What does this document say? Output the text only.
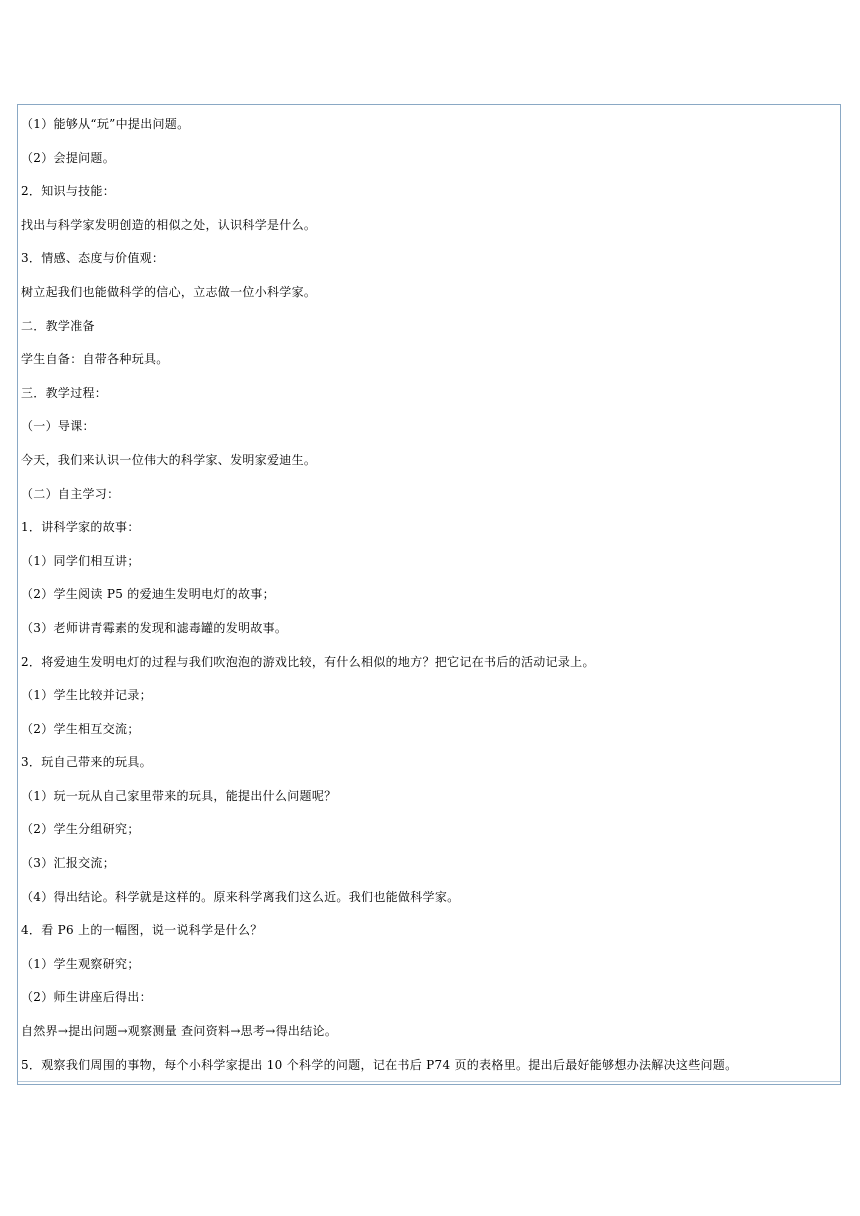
（1）能够从“玩”中提出问题。
（2）会提问题。
2．知识与技能：
找出与科学家发明创造的相似之处，认识科学是什么。
3．情感、态度与价值观：
树立起我们也能做科学的信心，立志做一位小科学家。
二．教学准备
学生自备：自带各种玩具。
三．教学过程：
（一）导课：
今天，我们来认识一位伟大的科学家、发明家爱迪生。
（二）自主学习：
1．讲科学家的故事：
（1）同学们相互讲；
（2）学生阅读 P5 的爱迪生发明电灯的故事；
（3）老师讲青霉素的发现和滤毒罐的发明故事。
2．将爱迪生发明电灯的过程与我们吹泡泡的游戏比较，有什么相似的地方？把它记在书后的活动记录上。
（1）学生比较并记录；
（2）学生相互交流；
3．玩自己带来的玩具。
（1）玩一玩从自己家里带来的玩具，能提出什么问题呢？
（2）学生分组研究；
（3）汇报交流；
（4）得出结论。科学就是这样的。原来科学离我们这么近。我们也能做科学家。
4．看 P6 上的一幅图，说一说科学是什么？
（1）学生观察研究；
（2）师生讲座后得出：
自然界→提出问题→观察测量 查问资料→思考→得出结论。
5．观察我们周围的事物，每个小科学家提出 10 个科学的问题，记在书后 P74 页的表格里。提出后最好能够想办法解决这些问题。
